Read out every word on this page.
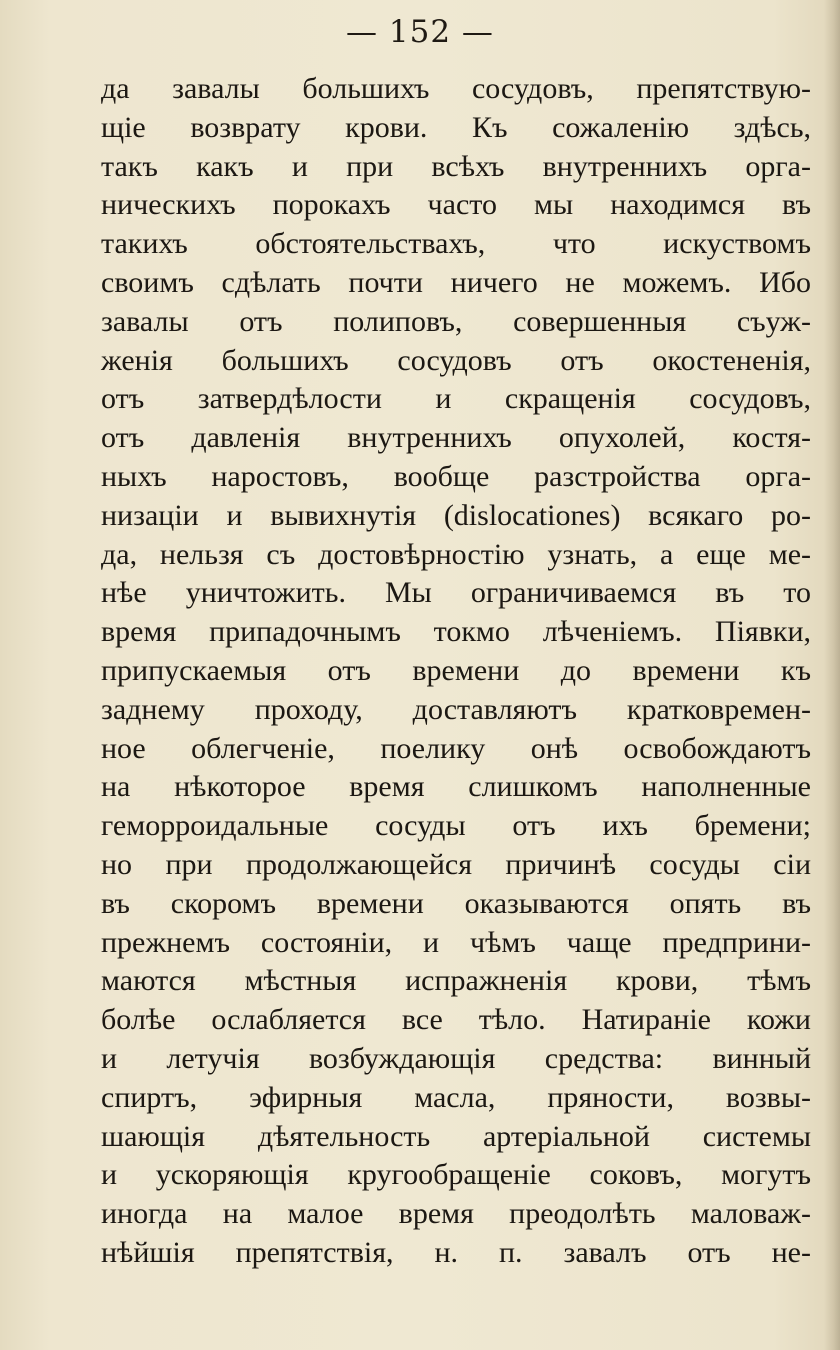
— 152 —
да завалы большихъ сосудовъ, препятствую-
щіе возврату крови. Къ сожаленію здѣсь,
такъ какъ и при всѣхъ внутреннихъ орга-
ническихъ порокахъ часто мы находимся въ
такихъ обстоятельствахъ, что искуствомъ
своимъ сдѣлать почти ничего не можемъ. Ибо
завалы отъ полиповъ, совершенныя съуж-
женія большихъ сосудовъ отъ окостененія,
отъ затвердѣлости и скращенія сосудовъ,
отъ давленія внутреннихъ опухолей, костя-
ныхъ наростовъ, вообще разстройства орга-
низаціи и вывихнутія (dislocationes) всякаго ро-
да, нельзя съ достовѣрностію узнать, а еще ме-
нѣе уничтожить. Мы ограничиваемся въ то
время припадочнымъ токмо лѣченіемъ. Піявки,
припускаемыя отъ времени до времени къ
заднему проходу, доставляютъ кратковремен-
ное облегченіе, поелику онѣ освобождаютъ
на нѣкоторое время слишкомъ наполненные
геморроидальные сосуды отъ ихъ бремени;
но при продолжающейся причинѣ сосуды сіи
въ скоромъ времени оказываются опять въ
прежнемъ состояніи, и чѣмъ чаще предприни-
маются мѣстныя испражненія крови, тѣмъ
болѣе ослабляется все тѣло. Натираніе кожи
и летучія возбуждающія средства: винный
спиртъ, эфирныя масла, пряности, возвы-
шающія дѣятельность артеріальной системы
и ускоряющія кругообращеніе соковъ, могутъ
иногда на малое время преодолѣть маловаж-
нѣйшія препятствія, н. п. завалъ отъ не-
